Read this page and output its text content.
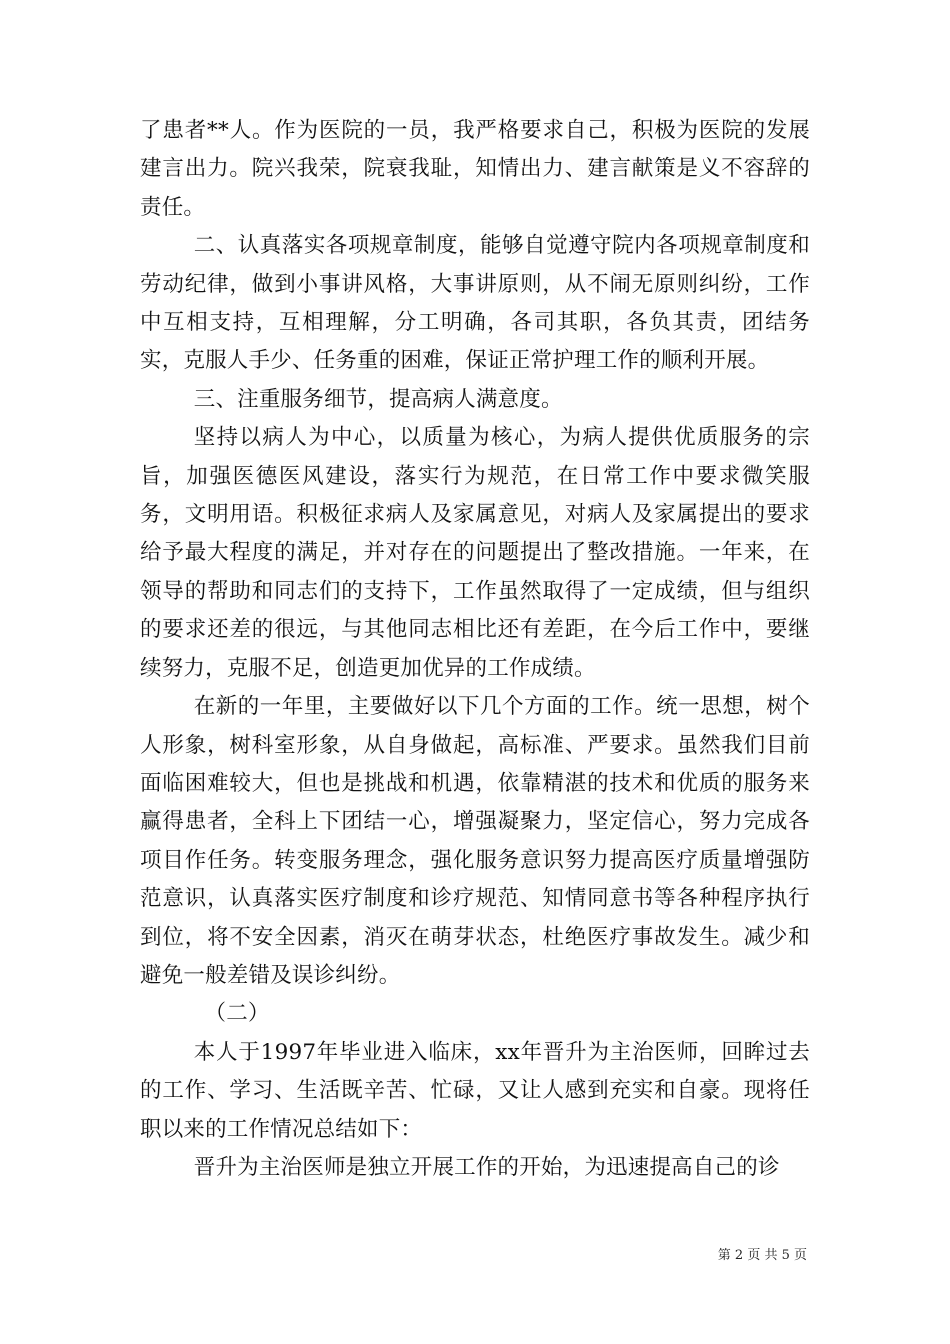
了患者**人。作为医院的一员，我严格要求自己，积极为医院的发展建言出力。院兴我荣，院衰我耻，知情出力、建言献策是义不容辞的责任。

二、认真落实各项规章制度，能够自觉遵守院内各项规章制度和劳动纪律，做到小事讲风格，大事讲原则，从不闹无原则纠纷，工作中互相支持，互相理解，分工明确，各司其职，各负其责，团结务实，克服人手少、任务重的困难，保证正常护理工作的顺利开展。

三、注重服务细节，提高病人满意度。

坚持以病人为中心，以质量为核心，为病人提供优质服务的宗旨，加强医德医风建设，落实行为规范，在日常工作中要求微笑服务，文明用语。积极征求病人及家属意见，对病人及家属提出的要求给予最大程度的满足，并对存在的问题提出了整改措施。一年来，在领导的帮助和同志们的支持下，工作虽然取得了一定成绩，但与组织的要求还差的很远，与其他同志相比还有差距，在今后工作中，要继续努力，克服不足，创造更加优异的工作成绩。

在新的一年里，主要做好以下几个方面的工作。统一思想，树个人形象，树科室形象，从自身做起，高标准、严要求。虽然我们目前面临困难较大，但也是挑战和机遇，依靠精湛的技术和优质的服务来赢得患者，全科上下团结一心，增强凝聚力，坚定信心，努力完成各项目作任务。转变服务理念，强化服务意识努力提高医疗质量增强防范意识，认真落实医疗制度和诊疗规范、知情同意书等各种程序执行到位，将不安全因素，消灭在萌芽状态，杜绝医疗事故发生。减少和避免一般差错及误诊纠纷。

（二）

本人于1997年毕业进入临床，xx年晋升为主治医师，回眸过去的工作、学习、生活既辛苦、忙碌，又让人感到充实和自豪。现将任职以来的工作情况总结如下：

晋升为主治医师是独立开展工作的开始，为迅速提高自己的诊

第 2 页 共 5 页
